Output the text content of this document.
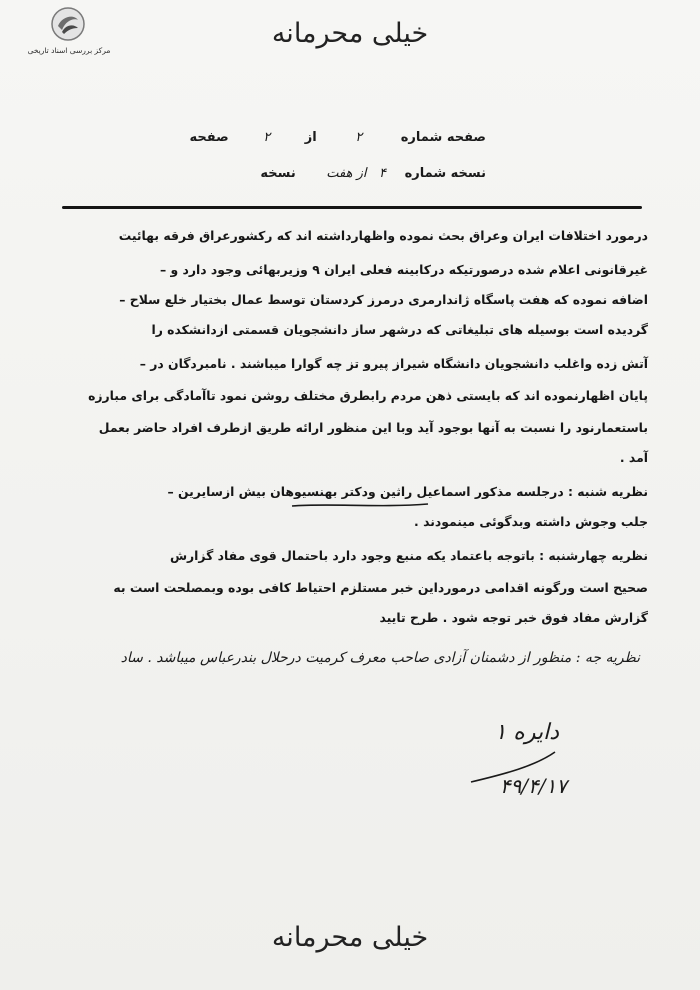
مرکز بررسی اسناد تاریخی
خیلی محرمانه
صفحه شماره ۲ از ۲ صفحه
نسخه شماره ۴ از هفت نسخه
درمورد اختلافات ایران وعراق بحث نموده واظهارداشته اند که رکشورعراق فرقه بهائیت
غیرقانونی اعلام شده درصورتیکه درکابینه فعلی ایران ۹ وزیربهائی وجود دارد و –
اضافه نموده که هفت پاسگاه ژاندارمری درمرز کردستان توسط عمال بختیار خلع سلاح –
گردیده است بوسیله های تبلیغاتی که درشهر ساز دانشجویان قسمتی ازدانشکده را
آتش زده واغلب دانشجویان دانشگاه شیراز پیرو تز چه گوارا میباشند . نامبردگان در –
پایان اظهارنموده اند که بایستی ذهن مردم رابطرق مختلف روشن نمود تاآمادگی برای مبارزه
باستعمارنود را نسبت به آنها بوجود آید وبا این منظور ارائه طریق ازطرف افراد حاضر بعمل
آمد .
نظریه شنبه : درجلسه مذکور اسماعیل راثین ودکتر بهنسیوهان بیش ازسایرین –
جلب وجوش داشته وبدگوئی مینمودند .
نظریه چهارشنبه : باتوجه باعتماد یکه منبع وجود دارد باحتمال قوی مفاد گزارش
صحیح است ورگونه اقدامی درمورداین خبر مستلزم احتیاط کافی بوده وبمصلحت است به
گزارش مفاد فوق خبر توجه شود . طرح تایید
نظریه جه : منظور از دشمنان آزادی صاحب معرف کرمیت درحلال بندرعباس میباشد . ساد
دایره ۱
۴۹/۴/۱۷
خیلی محرمانه
